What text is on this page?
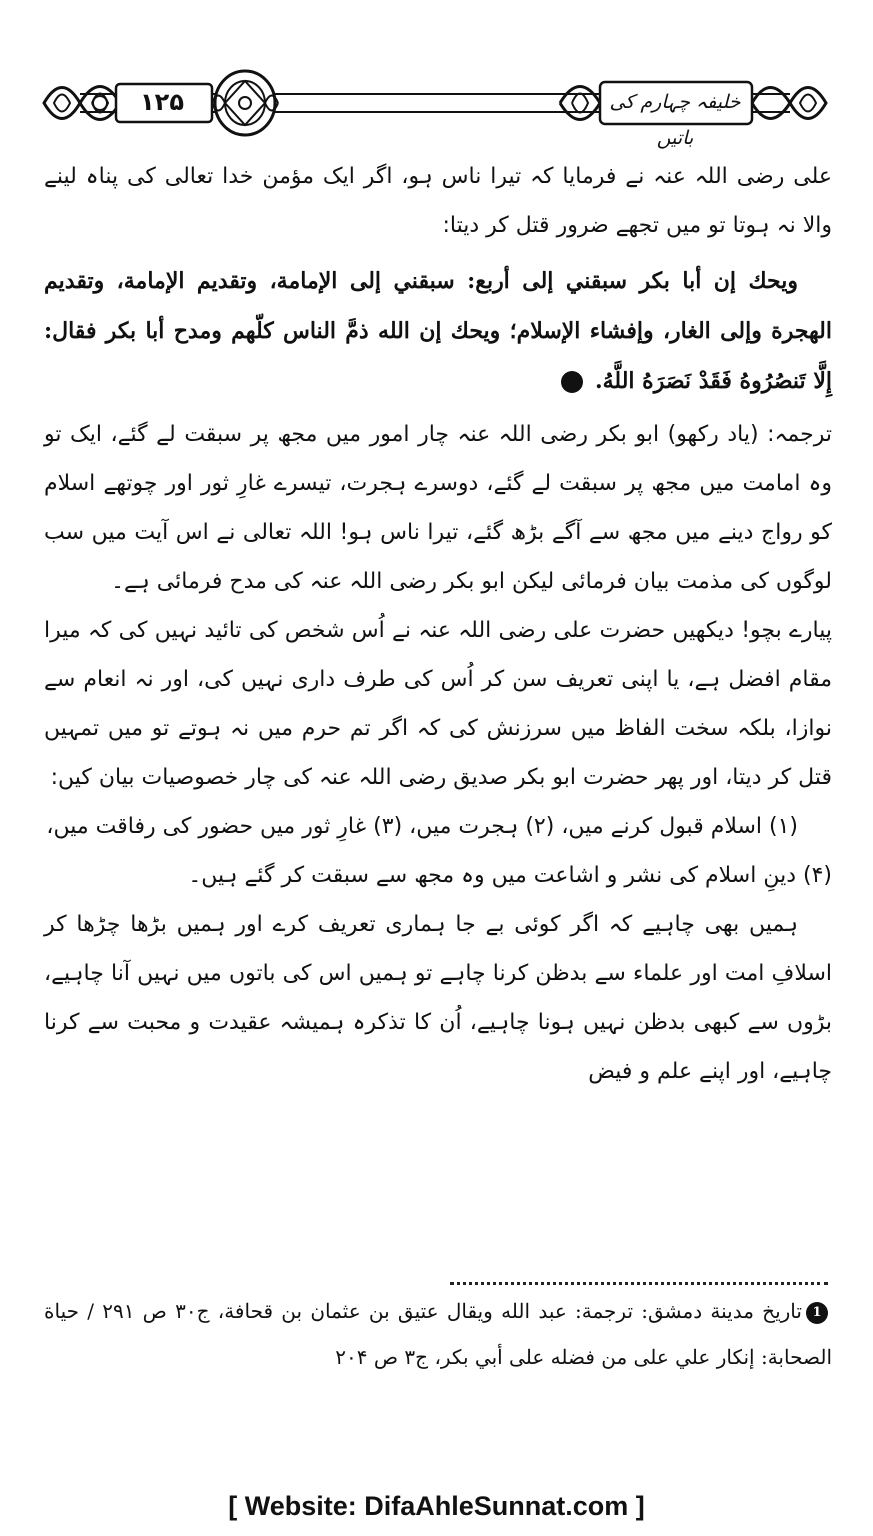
۱۲۵	خلیفہ چہارم کی باتیں

علی رضی اللہ عنہ نے فرمایا کہ تیرا ناس ہو، اگر ایک مؤمن خدا تعالی کی پناہ لینے والا نہ ہوتا تو میں تجھے ضرور قتل کر دیتا:

ويحك إن أبا بكر سبقني إلى أربع: سبقني إلى الإمامة، وتقديم الإمامة، وتقديم الهجرة وإلى الغار، وإفشاء الإسلام؛ ويحك إن الله ذمَّ الناس كلّهم ومدح أبا بكر فقال: إِلَّا تَنصُرُوهُ فَقَدْ نَصَرَهُ اللَّهُ. 1

ترجمہ: (یاد رکھو) ابو بکر رضی اللہ عنہ چار امور میں مجھ پر سبقت لے گئے، ایک تو وہ امامت میں مجھ پر سبقت لے گئے، دوسرے ہجرت، تیسرے غارِ ثور اور چوتھے اسلام کو رواج دینے میں مجھ سے آگے بڑھ گئے، تیرا ناس ہو! اللہ تعالی نے اس آیت میں سب لوگوں کی مذمت بیان فرمائی لیکن ابو بکر رضی اللہ عنہ کی مدح فرمائی ہے۔

پیارے بچو! دیکھیں حضرت علی رضی اللہ عنہ نے اُس شخص کی تائید نہیں کی کہ میرا مقام افضل ہے، یا اپنی تعریف سن کر اُس کی طرف داری نہیں کی، اور نہ انعام سے نوازا، بلکہ سخت الفاظ میں سرزنش کی کہ اگر تم حرم میں نہ ہوتے تو میں تمہیں قتل کر دیتا، اور پھر حضرت ابو بکر صدیق رضی اللہ عنہ کی چار خصوصیات بیان کیں:

(۱) اسلام قبول کرنے میں، (۲) ہجرت میں، (۳) غارِ ثور میں حضور کی رفاقت میں،

(۴) دینِ اسلام کی نشر و اشاعت میں وہ مجھ سے سبقت کر گئے ہیں۔

ہمیں بھی چاہیے کہ اگر کوئی بے جا ہماری تعریف کرے اور ہمیں بڑھا چڑھا کر اسلافِ امت اور علماء سے بدظن کرنا چاہے تو ہمیں اس کی باتوں میں نہیں آنا چاہیے، بڑوں سے کبھی بدظن نہیں ہونا چاہیے، اُن کا تذکرہ ہمیشہ عقیدت و محبت سے کرنا چاہیے، اور اپنے علم و فیض

1تاريخ مدينة دمشق: ترجمة: عبد الله ويقال عتيق بن عثمان بن قحافة، ج۳۰ ص ۲۹۱ / حياة الصحابة: إنكار علي على من فضله على أبي بكر، ج۳ ص ۲۰۴
[ Website: DifaAhleSunnat.com ]
